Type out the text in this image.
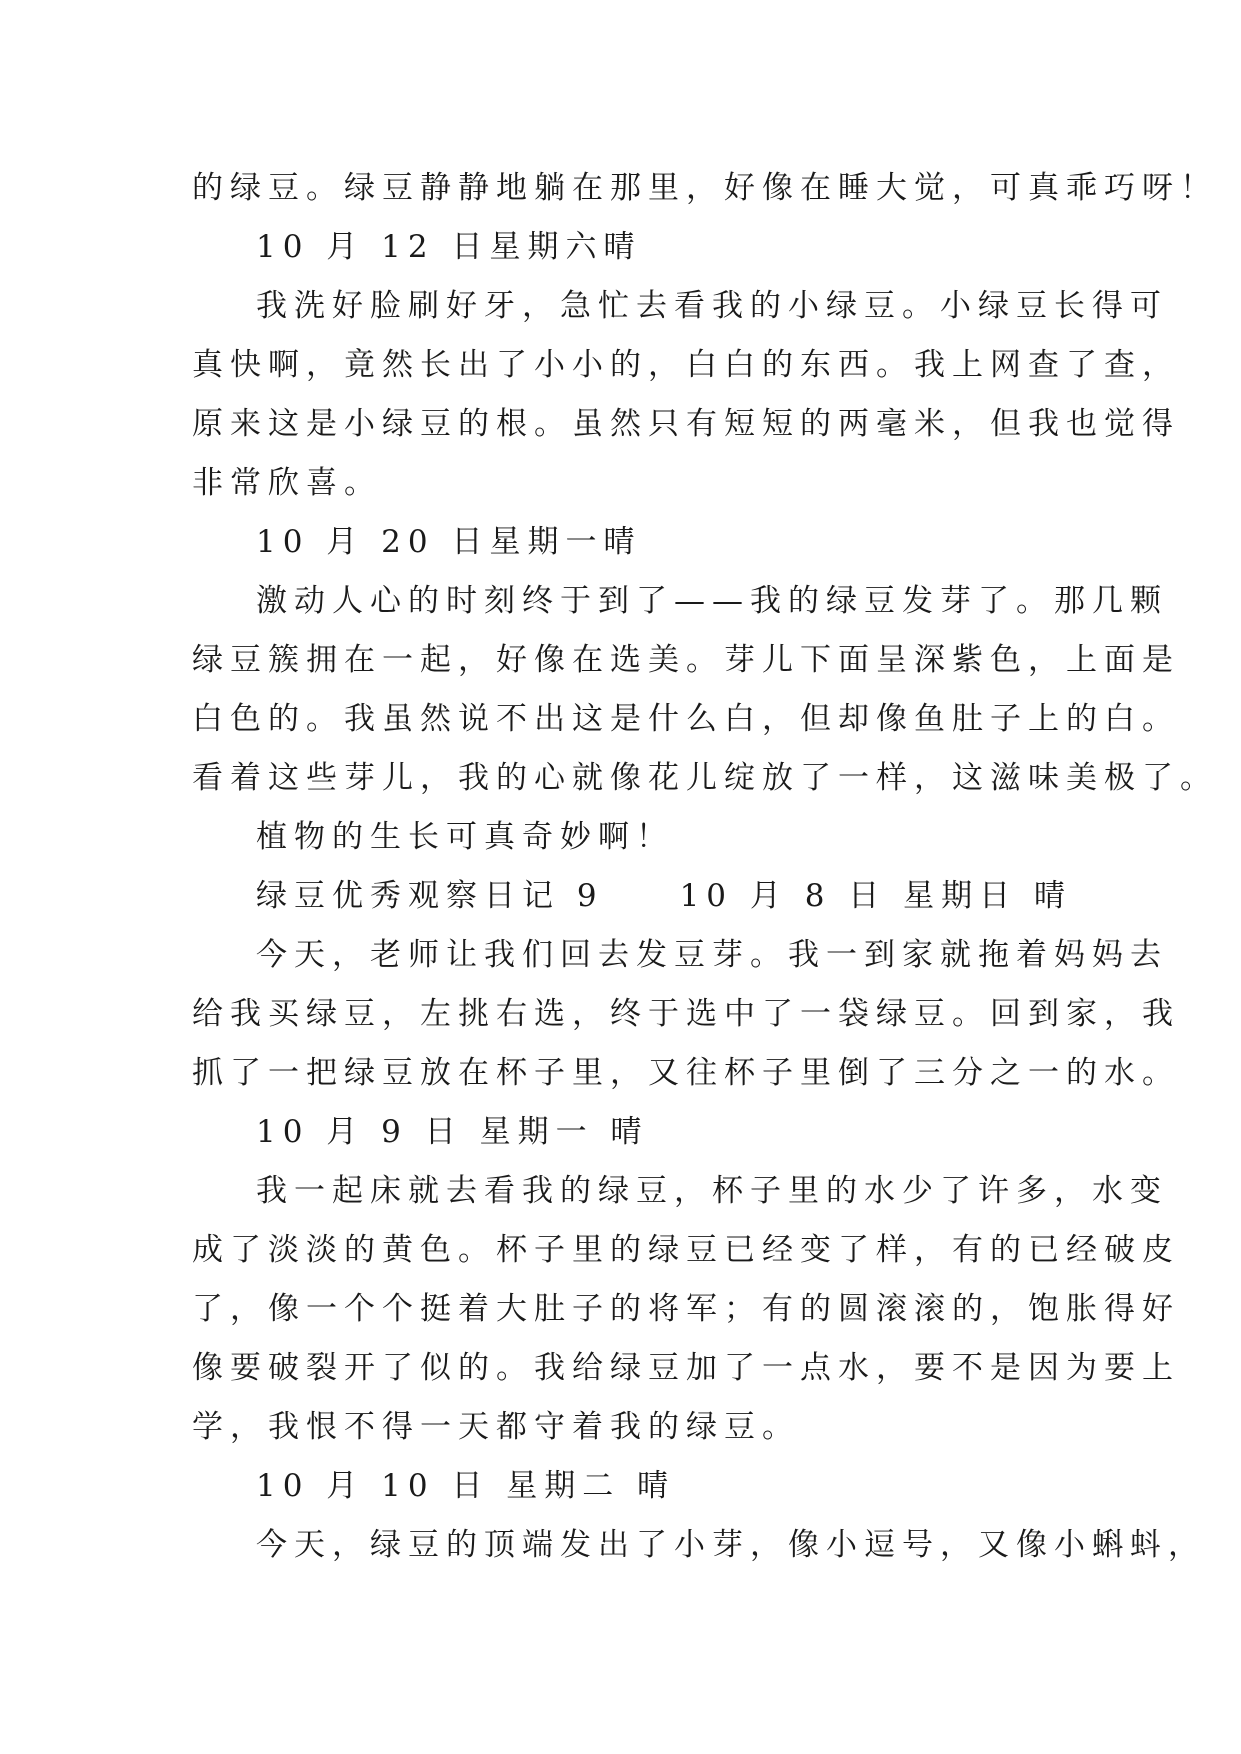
的绿豆。绿豆静静地躺在那里，好像在睡大觉，可真乖巧呀！
10 月 12 日星期六晴
我洗好脸刷好牙，急忙去看我的小绿豆。小绿豆长得可
真快啊，竟然长出了小小的，白白的东西。我上网查了查，
原来这是小绿豆的根。虽然只有短短的两毫米，但我也觉得
非常欣喜。
10 月 20 日星期一晴
激动人心的时刻终于到了——我的绿豆发芽了。那几颗
绿豆簇拥在一起，好像在选美。芽儿下面呈深紫色，上面是
白色的。我虽然说不出这是什么白，但却像鱼肚子上的白。
看着这些芽儿，我的心就像花儿绽放了一样，这滋味美极了。
植物的生长可真奇妙啊！
绿豆优秀观察日记 9　　10 月 8 日 星期日 晴
今天，老师让我们回去发豆芽。我一到家就拖着妈妈去
给我买绿豆，左挑右选，终于选中了一袋绿豆。回到家，我
抓了一把绿豆放在杯子里，又往杯子里倒了三分之一的水。
10 月 9 日 星期一 晴
我一起床就去看我的绿豆，杯子里的水少了许多，水变
成了淡淡的黄色。杯子里的绿豆已经变了样，有的已经破皮
了，像一个个挺着大肚子的将军；有的圆滚滚的，饱胀得好
像要破裂开了似的。我给绿豆加了一点水，要不是因为要上
学，我恨不得一天都守着我的绿豆。
10 月 10 日 星期二 晴
今天，绿豆的顶端发出了小芽，像小逗号，又像小蝌蚪，
